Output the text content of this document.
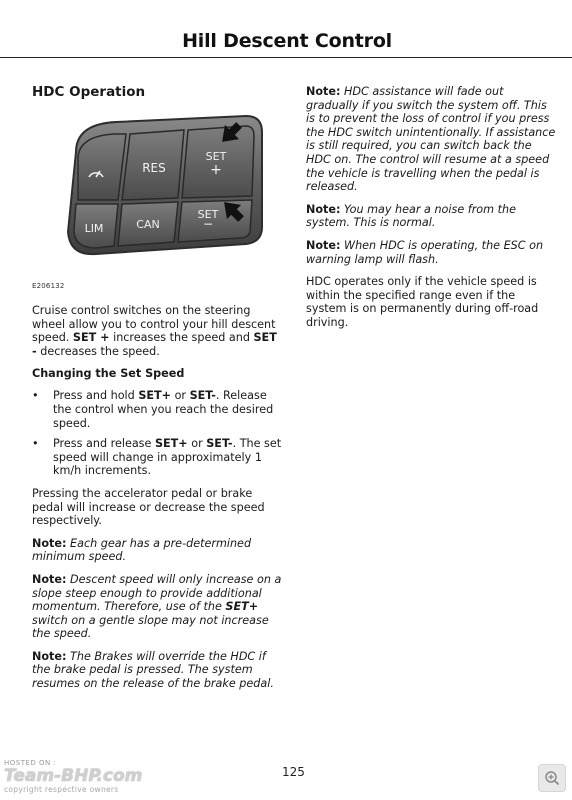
Hill Descent Control
HDC Operation
RES
SET
+
LIM	CAN
SET
−
E206132

Cruise control switches on the steering wheel allow you to control your hill descent speed. SET + increases the speed and SET - decreases the speed.

Changing the Set Speed
• Press and hold SET+ or SET-. Release the control when you reach the desired speed.
• Press and release SET+ or SET-. The set speed will change in approximately 1 km/h increments.

Pressing the accelerator pedal or brake pedal will increase or decrease the speed respectively.

Note: Each gear has a pre-determined minimum speed.

Note: Descent speed will only increase on a slope steep enough to provide additional momentum. Therefore, use of the SET+ switch on a gentle slope may not increase the speed.

Note: The Brakes will override the HDC if the brake pedal is pressed. The system resumes on the release of the brake pedal.

Note: HDC assistance will fade out gradually if you switch the system off. This is to prevent the loss of control if you press the HDC switch unintentionally. If assistance is still required, you can switch back the HDC on. The control will resume at a speed the vehicle is travelling when the pedal is released.

Note: You may hear a noise from the system. This is normal.

Note: When HDC is operating, the ESC on warning lamp will flash.

HDC operates only if the vehicle speed is within the specified range even if the system is on permanently during off-road driving.

125
HOSTED ON :
Team-BHP.com
copyright respective owners
